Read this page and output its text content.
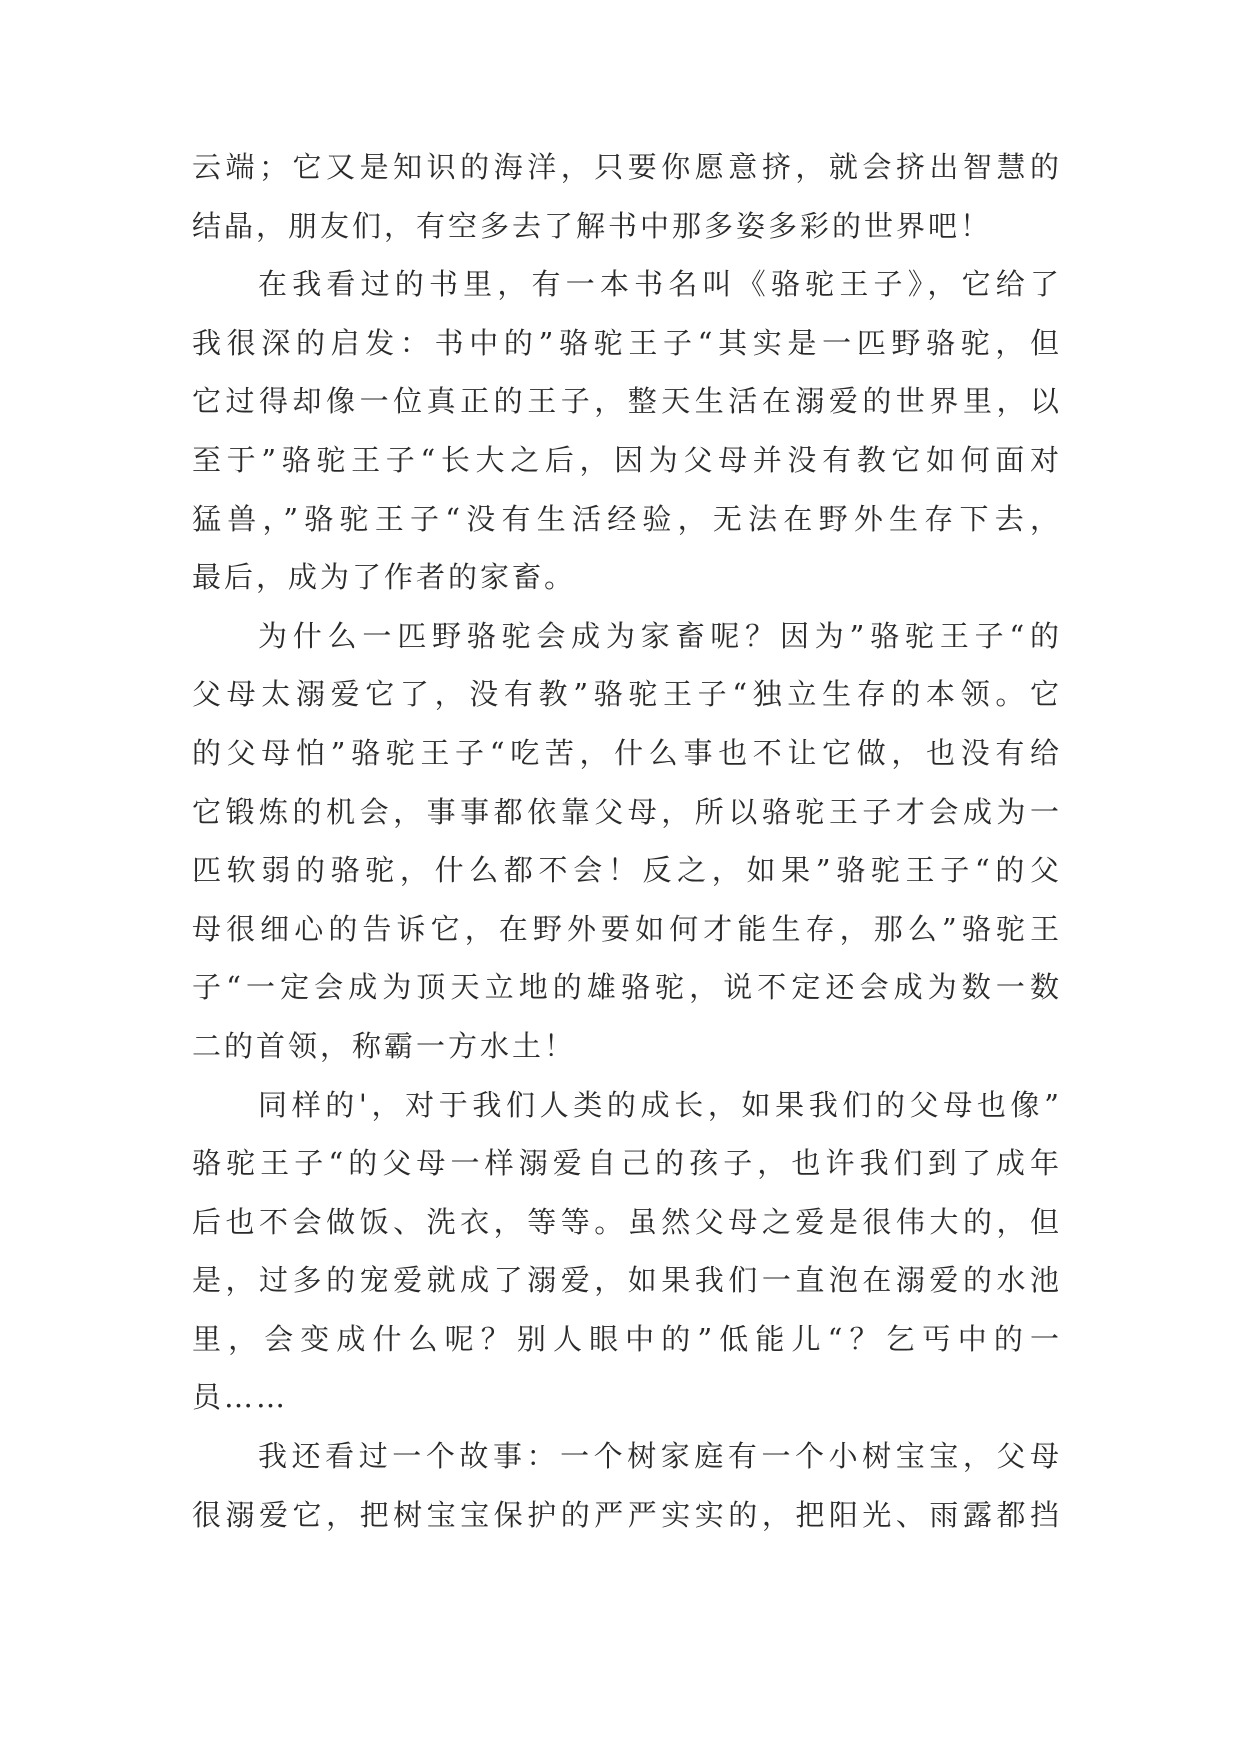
云端；它又是知识的海洋，只要你愿意挤，就会挤出智慧的
结晶，朋友们，有空多去了解书中那多姿多彩的世界吧！
在我看过的书里，有一本书名叫《骆驼王子》，它给了
我很深的启发：书中的”骆驼王子“其实是一匹野骆驼，但
它过得却像一位真正的王子，整天生活在溺爱的世界里，以
至于”骆驼王子“长大之后，因为父母并没有教它如何面对
猛兽，”骆驼王子“没有生活经验，无法在野外生存下去，
最后，成为了作者的家畜。
为什么一匹野骆驼会成为家畜呢？因为”骆驼王子“的
父母太溺爱它了，没有教”骆驼王子“独立生存的本领。它
的父母怕”骆驼王子“吃苦，什么事也不让它做，也没有给
它锻炼的机会，事事都依靠父母，所以骆驼王子才会成为一
匹软弱的骆驼，什么都不会！反之，如果”骆驼王子“的父
母很细心的告诉它，在野外要如何才能生存，那么”骆驼王
子“一定会成为顶天立地的雄骆驼，说不定还会成为数一数
二的首领，称霸一方水土！
同样的'，对于我们人类的成长，如果我们的父母也像”
骆驼王子“的父母一样溺爱自己的孩子，也许我们到了成年
后也不会做饭、洗衣，等等。虽然父母之爱是很伟大的，但
是，过多的宠爱就成了溺爱，如果我们一直泡在溺爱的水池
里，会变成什么呢？别人眼中的”低能儿“？乞丐中的一
员……
我还看过一个故事：一个树家庭有一个小树宝宝，父母
很溺爱它，把树宝宝保护的严严实实的，把阳光、雨露都挡
